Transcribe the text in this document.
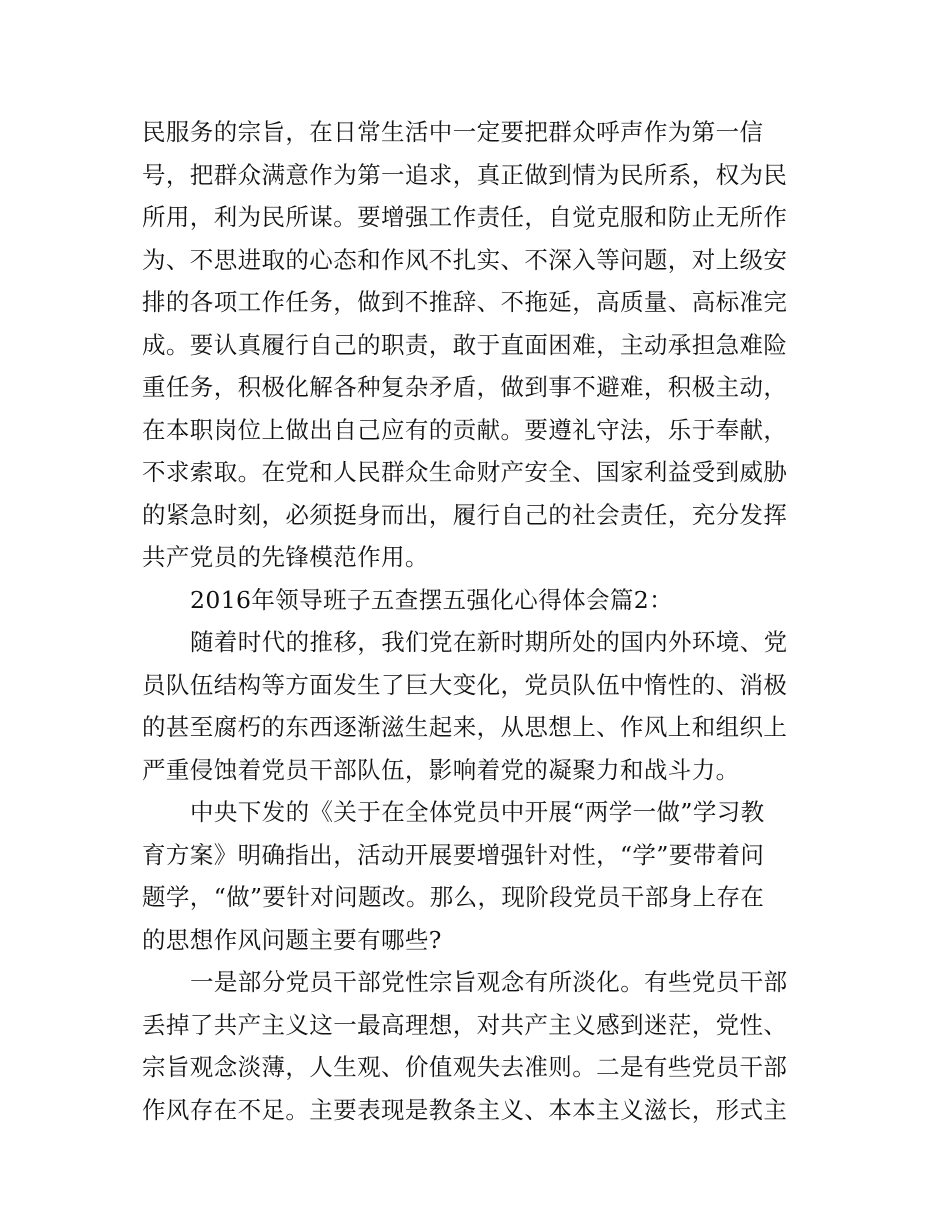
民服务的宗旨，在日常生活中一定要把群众呼声作为第一信
号，把群众满意作为第一追求，真正做到情为民所系，权为民
所用，利为民所谋。要增强工作责任，自觉克服和防止无所作
为、不思进取的心态和作风不扎实、不深入等问题，对上级安
排的各项工作任务，做到不推辞、不拖延，高质量、高标准完
成。要认真履行自己的职责，敢于直面困难，主动承担急难险
重任务，积极化解各种复杂矛盾，做到事不避难，积极主动，
在本职岗位上做出自己应有的贡献。要遵礼守法，乐于奉献，
不求索取。在党和人民群众生命财产安全、国家利益受到威胁
的紧急时刻，必须挺身而出，履行自己的社会责任，充分发挥
共产党员的先锋模范作用。
2016年领导班子五查摆五强化心得体会篇2：
随着时代的推移，我们党在新时期所处的国内外环境、党
员队伍结构等方面发生了巨大变化，党员队伍中惰性的、消极
的甚至腐朽的东西逐渐滋生起来，从思想上、作风上和组织上
严重侵蚀着党员干部队伍，影响着党的凝聚力和战斗力。
中央下发的《关于在全体党员中开展“两学一做”学习教
育方案》明确指出，活动开展要增强针对性，“学”要带着问
题学，“做”要针对问题改。那么，现阶段党员干部身上存在
的思想作风问题主要有哪些?
一是部分党员干部党性宗旨观念有所淡化。有些党员干部
丢掉了共产主义这一最高理想，对共产主义感到迷茫，党性、
宗旨观念淡薄，人生观、价值观失去准则。二是有些党员干部
作风存在不足。主要表现是教条主义、本本主义滋长，形式主
